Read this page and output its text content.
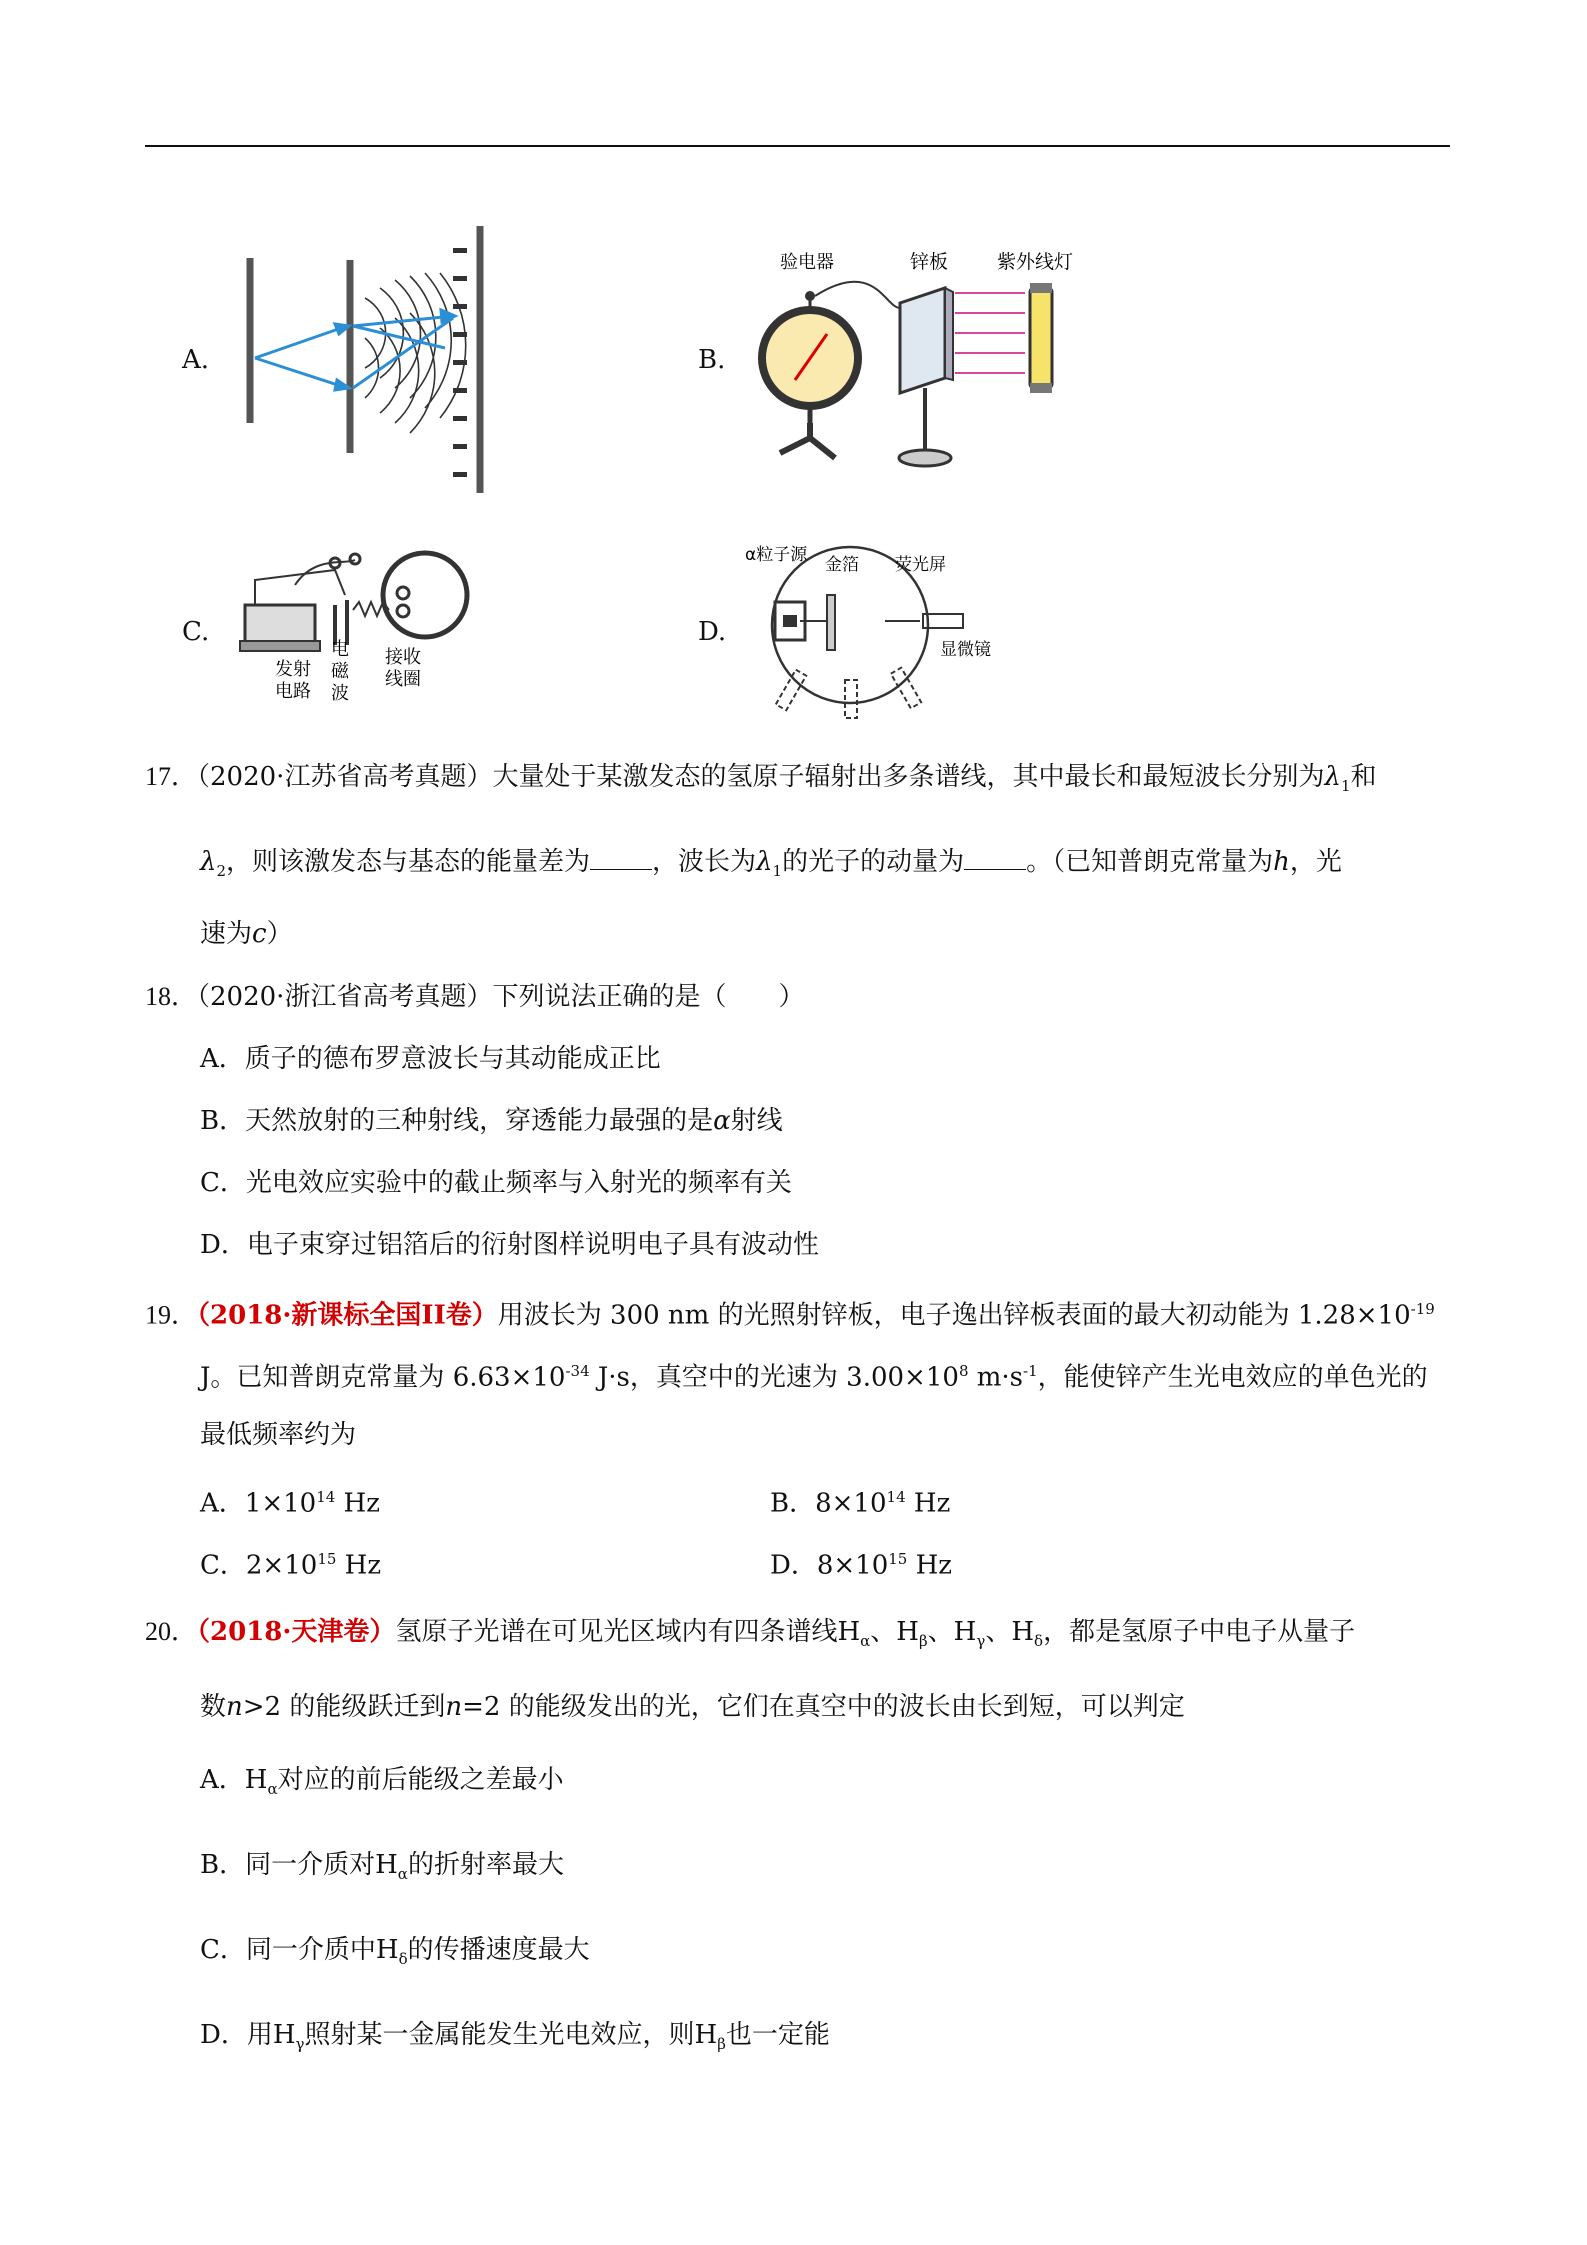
A.	B.
验电器	锌板	紫外线灯
C.
发射
电路
电
磁
波
接收
线圈
D.
α粒子源 金箔 荧光屏
显微镜
17．（2020·江苏省高考真题）大量处于某激发态的氢原子辐射出多条谱线，其中最长和最短波长分别为$\lambda_1$和
$\lambda_2$，则该激发态与基态的能量差为 ，波长为$\lambda_1$的光子的动量为 。（已知普朗克常量为h，光
速为c）
18．（2020·浙江省高考真题）下列说法正确的是（　　）
A．质子的德布罗意波长与其动能成正比
B．天然放射的三种射线，穿透能力最强的是α射线
C．光电效应实验中的截止频率与入射光的频率有关
D．电子束穿过铝箔后的衍射图样说明电子具有波动性
19．（2018·新课标全国II卷）用波长为 300 nm 的光照射锌板，电子逸出锌板表面的最大初动能为 $1.28\times 10^{-19}$
J。已知普朗克常量为 $6.63\times 10^{-34}$ J·s，真空中的光速为 $3.00\times 10^8$ $m\cdot s^{-1}$，能使锌产生光电效应的单色光的
最低频率约为
A．$1\times 10^{14}$ Hz	B．$8\times 10^{14}$ Hz
C．$2\times 10^{15}$ Hz	D．$8\times 10^{15}$ Hz
20．（2018·天津卷）氢原子光谱在可见光区域内有四条谱线$H_\alpha$、$H_\beta$、$H_\gamma$、$H_\delta$，都是氢原子中电子从量子
数n>2 的能级跃迁到n=2 的能级发出的光，它们在真空中的波长由长到短，可以判定
A．$H_\alpha$对应的前后能级之差最小
B．同一介质对$H_\alpha$的折射率最大
C．同一介质中$H_\delta$的传播速度最大
D．用$H_\gamma$照射某一金属能发生光电效应，则$H_\beta$也一定能
